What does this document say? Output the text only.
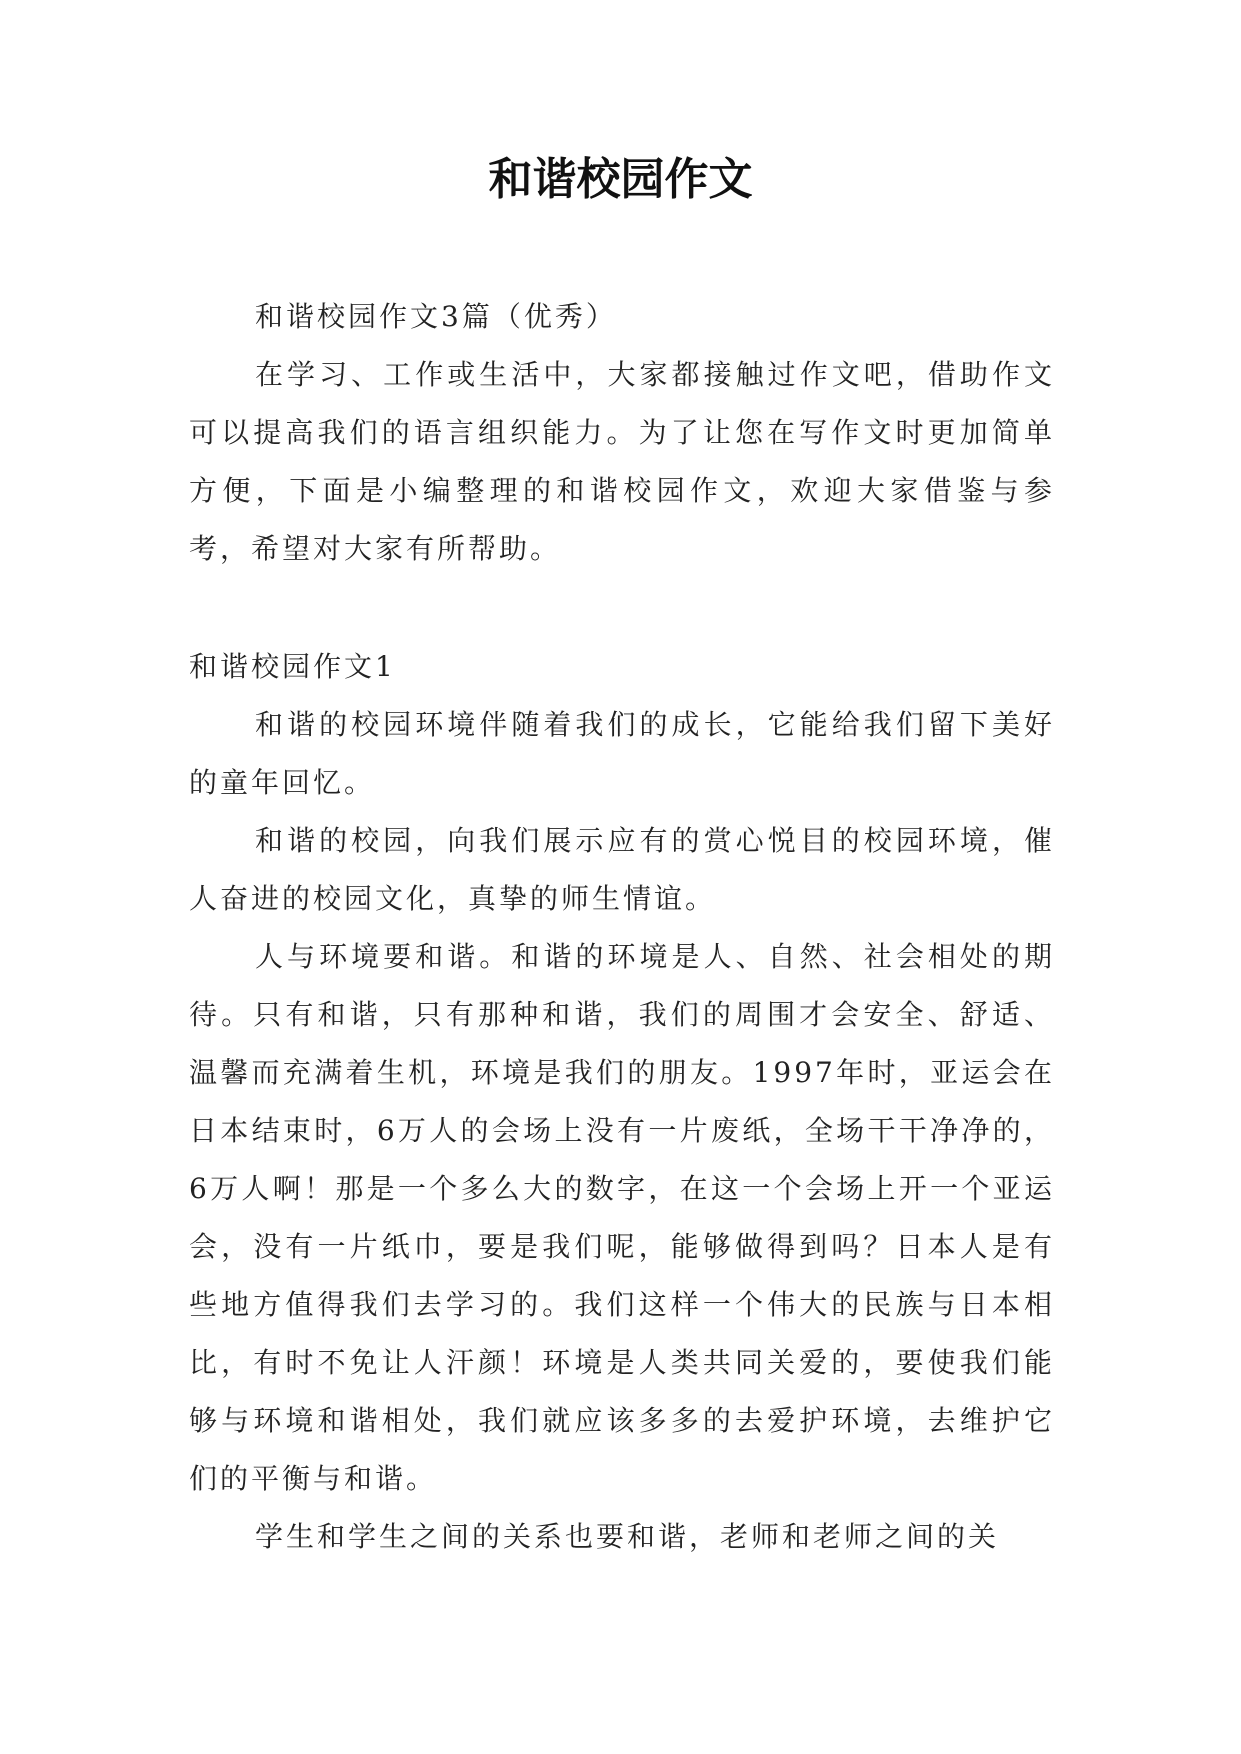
和谐校园作文

和谐校园作文3篇（优秀）

在学习、工作或生活中，大家都接触过作文吧，借助作文可以提高我们的语言组织能力。为了让您在写作文时更加简单方便，下面是小编整理的和谐校园作文，欢迎大家借鉴与参考，希望对大家有所帮助。

和谐校园作文1

和谐的校园环境伴随着我们的成长，它能给我们留下美好的童年回忆。

和谐的校园，向我们展示应有的赏心悦目的校园环境，催人奋进的校园文化，真挚的师生情谊。

人与环境要和谐。和谐的环境是人、自然、社会相处的期待。只有和谐，只有那种和谐，我们的周围才会安全、舒适、温馨而充满着生机，环境是我们的朋友。1997年时，亚运会在日本结束时，6万人的会场上没有一片废纸，全场干干净净的，6万人啊！那是一个多么大的数字，在这一个会场上开一个亚运会，没有一片纸巾，要是我们呢，能够做得到吗？日本人是有些地方值得我们去学习的。我们这样一个伟大的民族与日本相比，有时不免让人汗颜！环境是人类共同关爱的，要使我们能够与环境和谐相处，我们就应该多多的去爱护环境，去维护它们的平衡与和谐。

学生和学生之间的关系也要和谐，老师和老师之间的关
